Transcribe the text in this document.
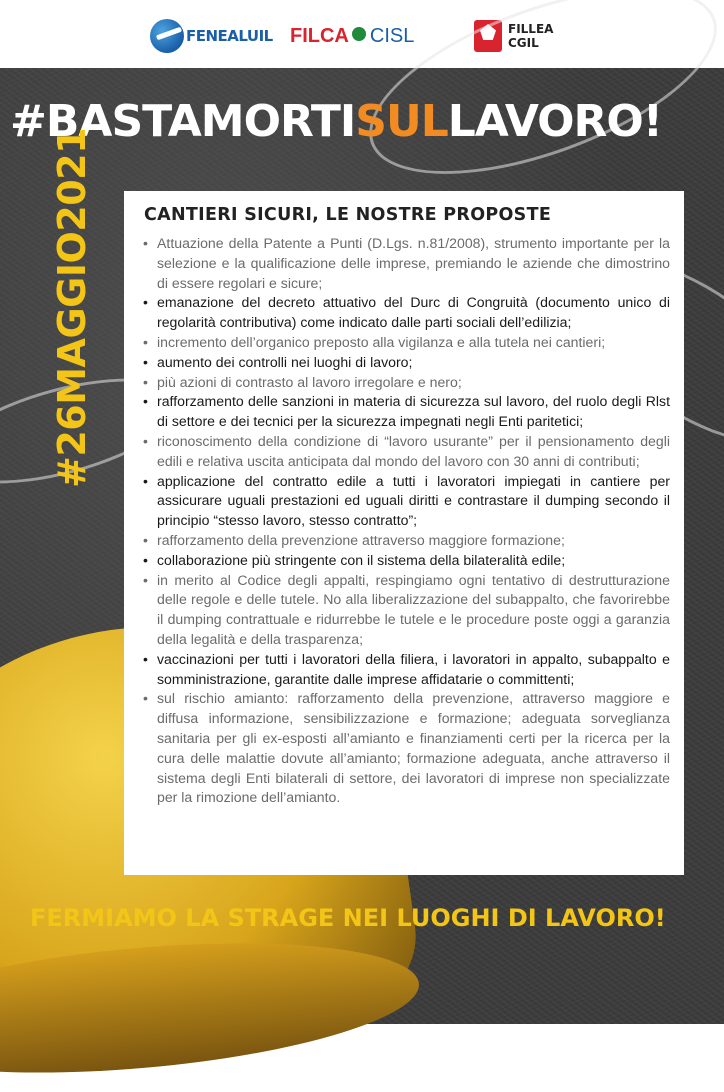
FENEALUIL FILCA CISL	FILLEA
CGIL
#BASTAMORTISULLAVORO!
#26MAGGIO2021	CANTIERI SICURI, LE NOSTRE PROPOSTE
• Attuazione della Patente a Punti (D.Lgs. n.81/2008), strumento importante per la selezione e la qualificazione delle imprese, premiando le aziende che dimostrino di essere regolari e sicure;
• emanazione del decreto attuativo del Durc di Congruità (documento unico di regolarità contributiva) come indicato dalle parti sociali dell’edilizia;
• incremento dell’organico preposto alla vigilanza e alla tutela nei cantieri;
• aumento dei controlli nei luoghi di lavoro;
• più azioni di contrasto al lavoro irregolare e nero;
• rafforzamento delle sanzioni in materia di sicurezza sul lavoro, del ruolo degli Rlst di settore e dei tecnici per la sicurezza impegnati negli Enti paritetici;
• riconoscimento della condizione di “lavoro usurante” per il pensionamento degli edili e relativa uscita anticipata dal mondo del lavoro con 30 anni di contributi;
• applicazione del contratto edile a tutti i lavoratori impiegati in cantiere per assicurare uguali prestazioni ed uguali diritti e contrastare il dumping secondo il principio “stesso lavoro, stesso contratto”;
• rafforzamento della prevenzione attraverso maggiore formazione;
• collaborazione più stringente con il sistema della bilateralità edile;
• in merito al Codice degli appalti, respingiamo ogni tentativo di destrutturazione delle regole e delle tutele. No alla liberalizzazione del subappalto, che favorirebbe il dumping contrattuale e ridurrebbe le tutele e le procedure poste oggi a garanzia della legalità e della trasparenza;
• vaccinazioni per tutti i lavoratori della filiera, i lavoratori in appalto, subappalto e somministrazione, garantite dalle imprese affidatarie o committenti;
• sul rischio amianto: rafforzamento della prevenzione, attraverso maggiore e diffusa informazione, sensibilizzazione e formazione; adeguata sorveglianza sanitaria per gli ex-esposti all’amianto e finanziamenti certi per la ricerca per la cura delle malattie dovute all’amianto; formazione adeguata, anche attraverso il sistema degli Enti bilaterali di settore, dei lavoratori di imprese non specializzate per la rimozione dell’amianto.
FERMIAMO LA STRAGE NEI LUOGHI DI LAVORO!
